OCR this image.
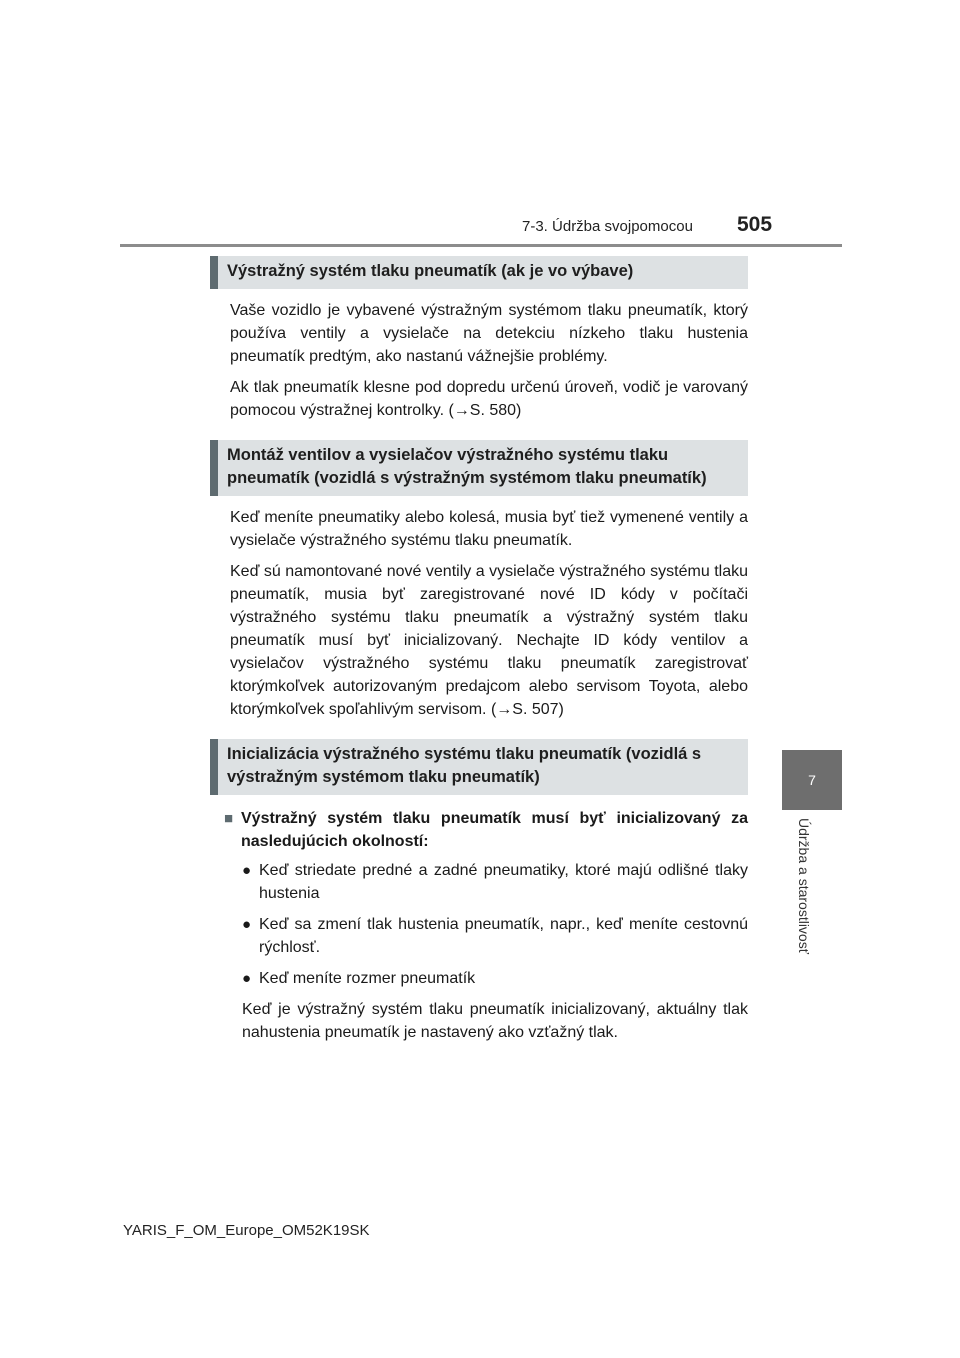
7-3. Údržba svojpomocou 505
7
Údržba a starostlivosť
Výstražný systém tlaku pneumatík (ak je vo výbave)

Vaše vozidlo je vybavené výstražným systémom tlaku pneumatík, ktorý používa ventily a vysielače na detekciu nízkeho tlaku hustenia pneumatík predtým, ako nastanú vážnejšie problémy.

Ak tlak pneumatík klesne pod dopredu určenú úroveň, vodič je varovaný pomocou výstražnej kontrolky. (→S. 580)

Montáž ventilov a vysielačov výstražného systému tlaku pneumatík (vozidlá s výstražným systémom tlaku pneumatík)

Keď meníte pneumatiky alebo kolesá, musia byť tiež vymenené ventily a vysielače výstražného systému tlaku pneumatík.

Keď sú namontované nové ventily a vysielače výstražného systému tlaku pneumatík, musia byť zaregistrované nové ID kódy v počítači výstražného systému tlaku pneumatík a výstražný systém tlaku pneumatík musí byť inicializovaný. Nechajte ID kódy ventilov a vysielačov výstražného systému tlaku pneumatík zaregistrovať ktorýmkoľvek autorizovaným predajcom alebo servisom Toyota, alebo ktorýmkoľvek spoľahlivým servisom. (→S. 507)

Inicializácia výstražného systému tlaku pneumatík (vozidlá s výstražným systémom tlaku pneumatík)
■ Výstražný systém tlaku pneumatík musí byť inicializovaný za nasledujúcich okolností:
● Keď striedate predné a zadné pneumatiky, ktoré majú odlišné tlaky hustenia
● Keď sa zmení tlak hustenia pneumatík, napr., keď meníte cestovnú rýchlosť.
● Keď meníte rozmer pneumatík

Keď je výstražný systém tlaku pneumatík inicializovaný, aktuálny tlak nahustenia pneumatík je nastavený ako vzťažný tlak.

YARIS_F_OM_Europe_OM52K19SK
